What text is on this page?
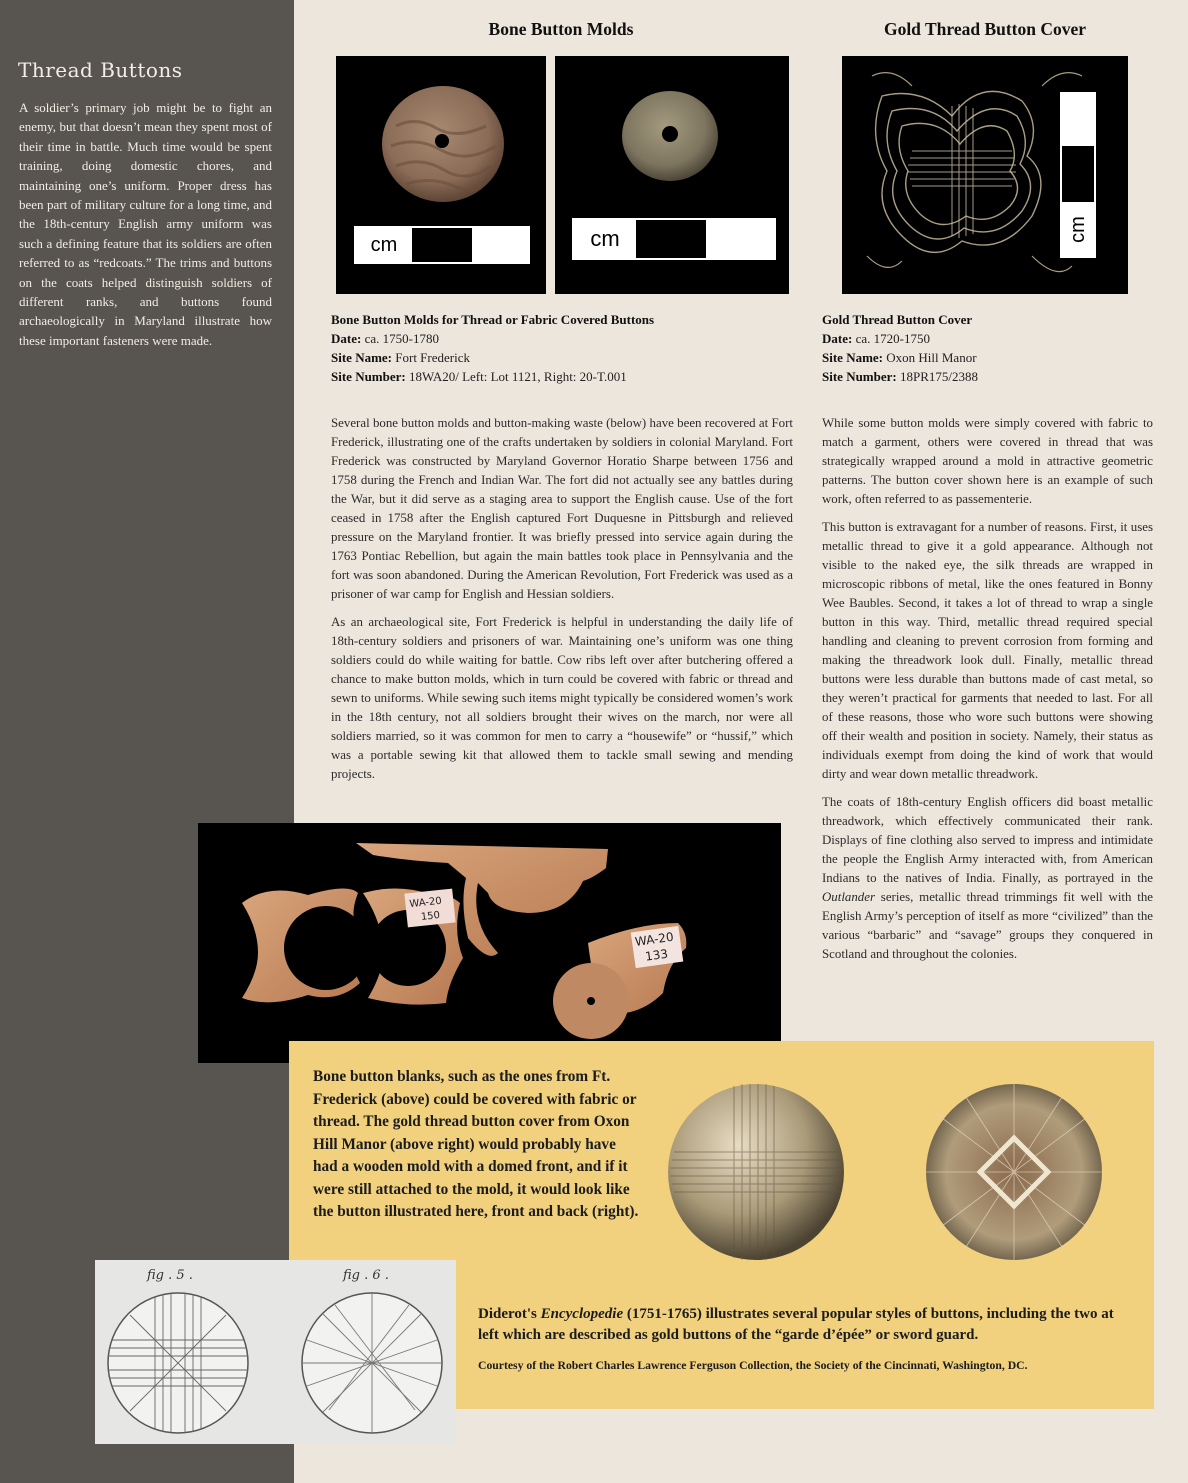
Thread Buttons

A soldier’s primary job might be to fight an enemy, but that doesn’t mean they spent most of their time in battle. Much time would be spent training, doing domestic chores, and maintaining one’s uniform. Proper dress has been part of military culture for a long time, and the 18th-century English army uniform was such a defining feature that its soldiers are often referred to as “redcoats.” The trims and buttons on the coats helped distinguish soldiers of different ranks, and buttons found archaeologically in Maryland illustrate how these important fasteners were made.

Bone Button Molds	Gold Thread Button Cover
cm	cm	cm
Bone Button Molds for Thread or Fabric Covered Buttons
Date: ca. 1750-1780
Site Name: Fort Frederick
Site Number: 18WA20/ Left: Lot 1121, Right: 20-T.001
Gold Thread Button Cover
Date: ca. 1720-1750
Site Name: Oxon Hill Manor
Site Number: 18PR175/2388

Several bone button molds and button-making waste (below) have been recovered at Fort Frederick, illustrating one of the crafts undertaken by soldiers in colonial Maryland. Fort Frederick was constructed by Maryland Governor Horatio Sharpe between 1756 and 1758 during the French and Indian War. The fort did not actually see any battles during the War, but it did serve as a staging area to support the English cause. Use of the fort ceased in 1758 after the English captured Fort Duquesne in Pittsburgh and relieved pressure on the Maryland frontier. It was briefly pressed into service again during the 1763 Pontiac Rebellion, but again the main battles took place in Pennsylvania and the fort was soon abandoned. During the American Revolution, Fort Frederick was used as a prisoner of war camp for English and Hessian soldiers.

As an archaeological site, Fort Frederick is helpful in understanding the daily life of 18th-century soldiers and prisoners of war. Maintaining one’s uniform was one thing soldiers could do while waiting for battle. Cow ribs left over after butchering offered a chance to make button molds, which in turn could be covered with fabric or thread and sewn to uniforms. While sewing such items might typically be considered women’s work in the 18th century, not all soldiers brought their wives on the march, nor were all soldiers married, so it was common for men to carry a “housewife” or “hussif,” which was a portable sewing kit that allowed them to tackle small sewing and mending projects.

While some button molds were simply covered with fabric to match a garment, others were covered in thread that was strategically wrapped around a mold in attractive geometric patterns. The button cover shown here is an example of such work, often referred to as passementerie.

This button is extravagant for a number of reasons. First, it uses metallic thread to give it a gold appearance. Although not visible to the naked eye, the silk threads are wrapped in microscopic ribbons of metal, like the ones featured in Bonny Wee Baubles. Second, it takes a lot of thread to wrap a single button in this way. Third, metallic thread required special handling and cleaning to prevent corrosion from forming and making the threadwork look dull. Finally, metallic thread buttons were less durable than buttons made of cast metal, so they weren’t practical for garments that needed to last. For all of these reasons, those who wore such buttons were showing off their wealth and position in society. Namely, their status as individuals exempt from doing the kind of work that would dirty and wear down metallic threadwork.

The coats of 18th-century English officers did boast metallic threadwork, which effectively communicated their rank. Displays of fine clothing also served to impress and intimidate the people the English Army interacted with, from American Indians to the natives of India. Finally, as portrayed in the Outlander series, metallic thread trimmings fit well with the English Army’s perception of itself as more “civilized” than the various “barbaric” and “savage” groups they conquered in Scotland and throughout the colonies.

WA-20
150
WA-20
133
Bone button blanks, such as the ones from Ft. Frederick (above) could be covered with fabric or thread. The gold thread button cover from Oxon Hill Manor (above right) would probably have had a wooden mold with a domed front, and if it were still attached to the mold, it would look like the button illustrated here, front and back (right).
fig . 5 .	fig . 6 .
Diderot's Encyclopedie (1751-1765) illustrates several popular styles of buttons, including the two at left which are described as gold buttons of the “garde d’épée” or sword guard.
Courtesy of the Robert Charles Lawrence Ferguson Collection, the Society of the Cincinnati, Washington, DC.
